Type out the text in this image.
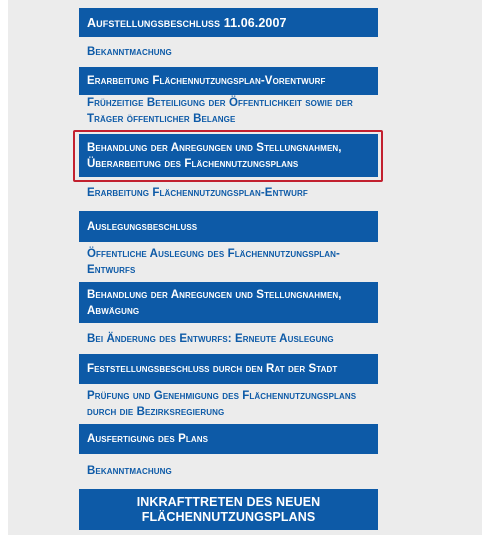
Aufstellungsbeschluss 11.06.2007
Bekanntmachung
Erarbeitung Flächennutzungsplan-Vorentwurf
Frühzeitige Beteiligung der Öffentlichkeit sowie der Träger öffentlicher Belange
Behandlung der Anregungen und Stellungnahmen, Überarbeitung des Flächennutzungsplans
Erarbeitung Flächennutzungsplan-Entwurf
Auslegungsbeschluss
Öffentliche Auslegung des Flächennutzungsplan-Entwurfs
Behandlung der Anregungen und Stellungnahmen, Abwägung
Bei Änderung des Entwurfs: Erneute Auslegung
Feststellungsbeschluss durch den Rat der Stadt
Prüfung und Genehmigung des Flächennutzungsplans durch die Bezirksregierung
Ausfertigung des Plans
Bekanntmachung
INKRAFTTRETEN DES NEUEN FLÄCHENNUTZUNGSPLANS
